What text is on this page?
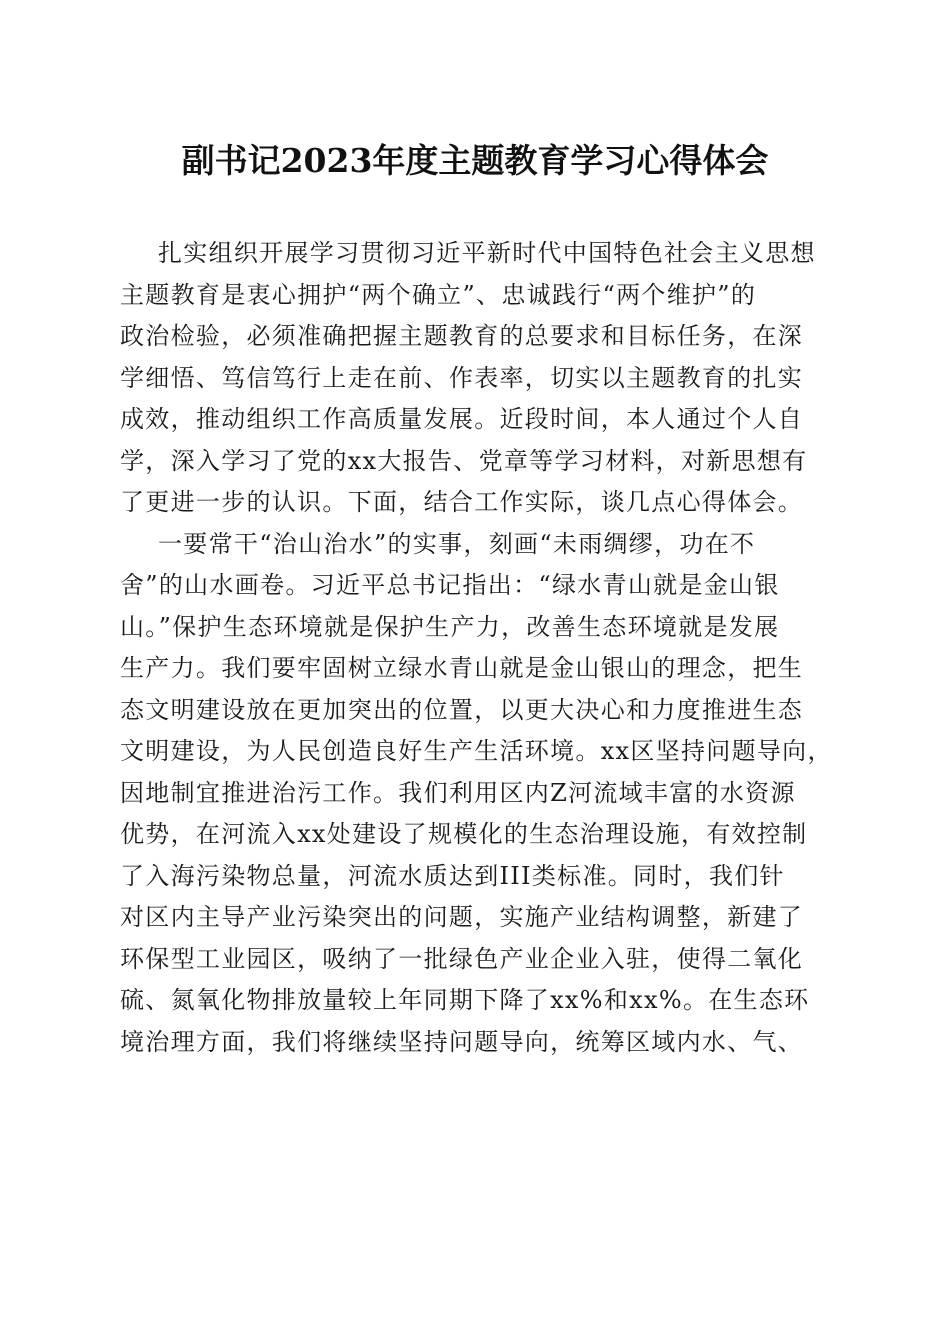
副书记2023年度主题教育学习心得体会
扎实组织开展学习贯彻习近平新时代中国特色社会主义思想
主题教育是衷心拥护“两个确立”、忠诚践行“两个维护”的
政治检验，必须准确把握主题教育的总要求和目标任务，在深
学细悟、笃信笃行上走在前、作表率，切实以主题教育的扎实
成效，推动组织工作高质量发展。近段时间，本人通过个人自
学，深入学习了党的xx大报告、党章等学习材料，对新思想有
了更进一步的认识。下面，结合工作实际，谈几点心得体会。
一要常干“治山治水”的实事，刻画“未雨绸缪，功在不
舍”的山水画卷。习近平总书记指出：“绿水青山就是金山银
山。”保护生态环境就是保护生产力，改善生态环境就是发展
生产力。我们要牢固树立绿水青山就是金山银山的理念，把生
态文明建设放在更加突出的位置，以更大决心和力度推进生态
文明建设，为人民创造良好生产生活环境。xx区坚持问题导向，
因地制宜推进治污工作。我们利用区内Z河流域丰富的水资源
优势，在河流入xx处建设了规模化的生态治理设施，有效控制
了入海污染物总量，河流水质达到III类标准。同时，我们针
对区内主导产业污染突出的问题，实施产业结构调整，新建了
环保型工业园区，吸纳了一批绿色产业企业入驻，使得二氧化
硫、氮氧化物排放量较上年同期下降了xx%和xx%。在生态环
境治理方面，我们将继续坚持问题导向，统筹区域内水、气、
